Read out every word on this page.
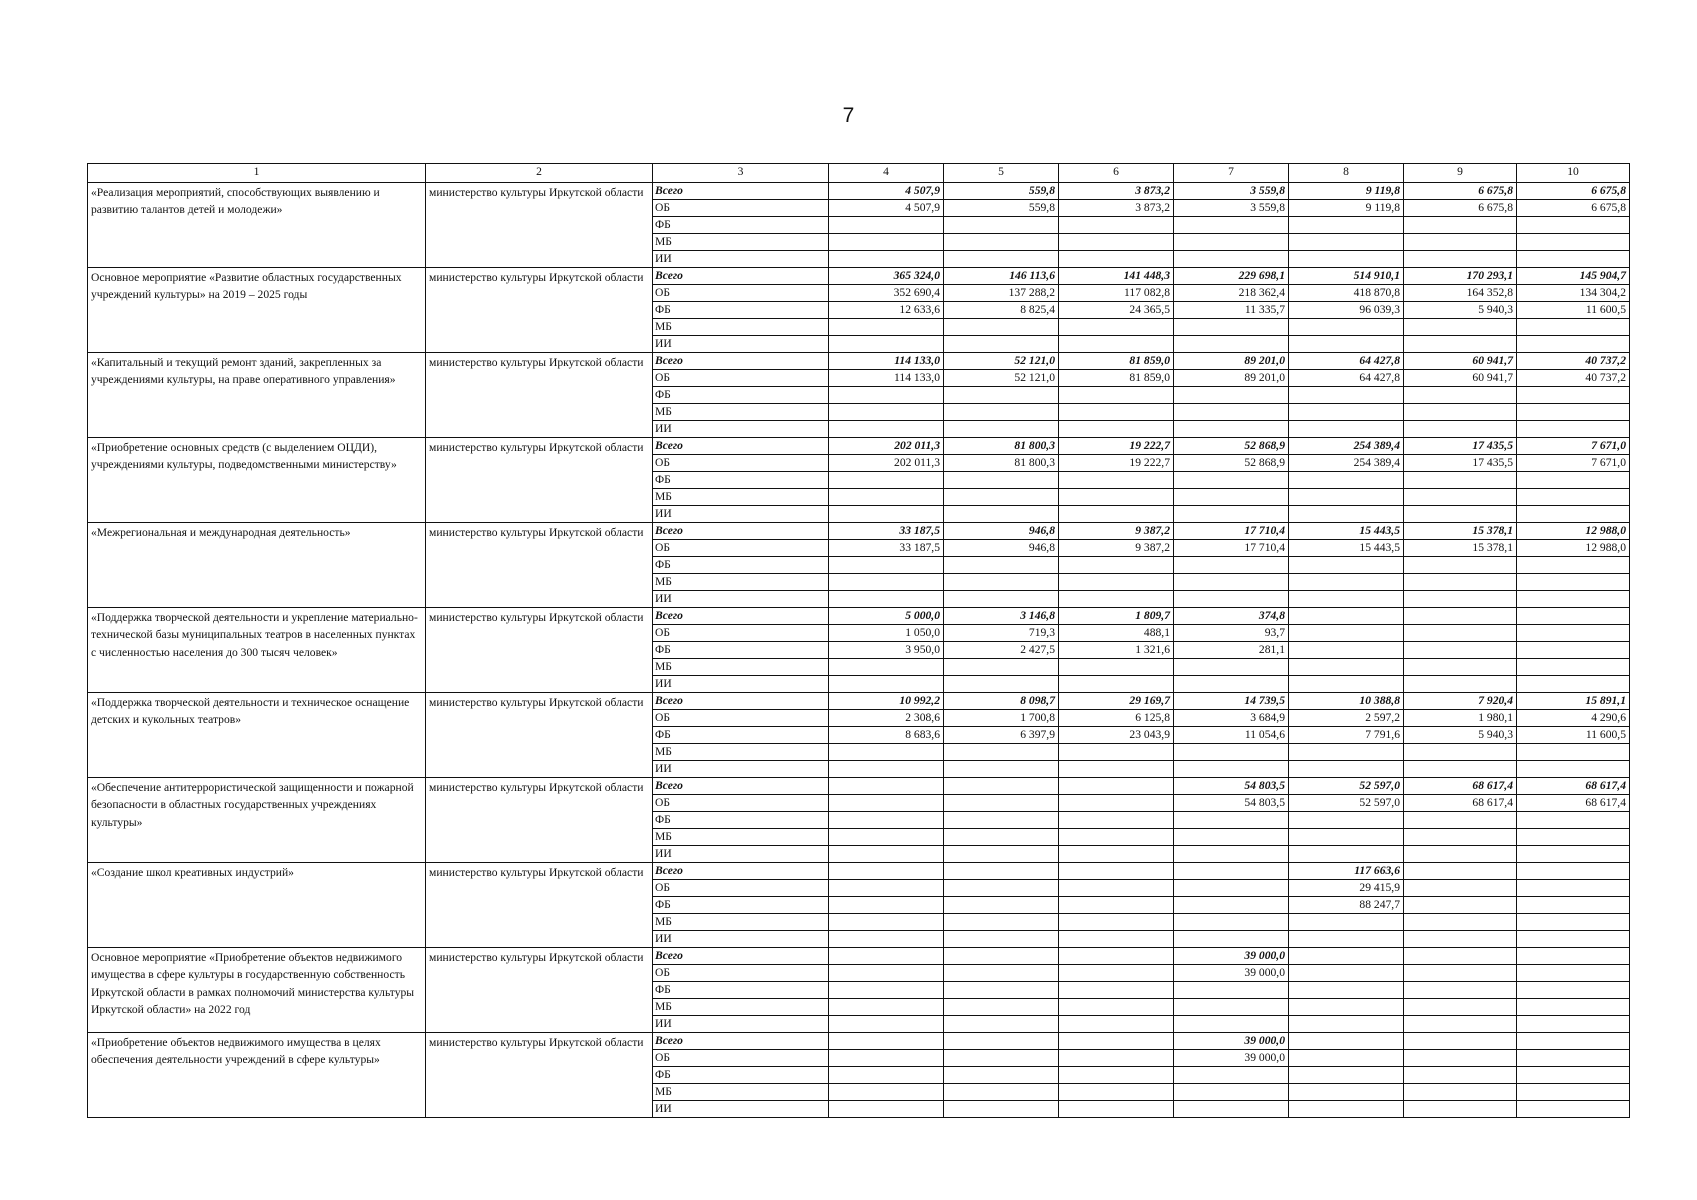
7
1	2	3	4	5	6	7	8	9	10
«Реализация мероприятий, способствующих выявлению и развитию талантов детей и молодежи»	министерство культуры Иркутской области	Всего	4 507,9	559,8	3 873,2	3 559,8	9 119,8	6 675,8	6 675,8
		ОБ	4 507,9	559,8	3 873,2	3 559,8	9 119,8	6 675,8	6 675,8
		ФБ							
		МБ							
		ИИ							
Основное мероприятие «Развитие областных государственных учреждений культуры» на 2019 – 2025 годы	министерство культуры Иркутской области	Всего	365 324,0	146 113,6	141 448,3	229 698,1	514 910,1	170 293,1	145 904,7
		ОБ	352 690,4	137 288,2	117 082,8	218 362,4	418 870,8	164 352,8	134 304,2
		ФБ	12 633,6	8 825,4	24 365,5	11 335,7	96 039,3	5 940,3	11 600,5
		МБ							
		ИИ							
«Капитальный и текущий ремонт зданий, закрепленных за учреждениями культуры, на праве оперативного управления»	министерство культуры Иркутской области	Всего	114 133,0	52 121,0	81 859,0	89 201,0	64 427,8	60 941,7	40 737,2
		ОБ	114 133,0	52 121,0	81 859,0	89 201,0	64 427,8	60 941,7	40 737,2
		ФБ							
		МБ							
		ИИ							
«Приобретение основных средств (с выделением ОЦДИ), учреждениями культуры, подведомственными министерству»	министерство культуры Иркутской области	Всего	202 011,3	81 800,3	19 222,7	52 868,9	254 389,4	17 435,5	7 671,0
		ОБ	202 011,3	81 800,3	19 222,7	52 868,9	254 389,4	17 435,5	7 671,0
		ФБ							
		МБ							
		ИИ							
«Межрегиональная и международная деятельность»	министерство культуры Иркутской области	Всего	33 187,5	946,8	9 387,2	17 710,4	15 443,5	15 378,1	12 988,0
		ОБ	33 187,5	946,8	9 387,2	17 710,4	15 443,5	15 378,1	12 988,0
		ФБ							
		МБ							
		ИИ							
«Поддержка творческой деятельности и укрепление материально-технической базы муниципальных театров в населенных пунктах с численностью населения до 300 тысяч человек»	министерство культуры Иркутской области	Всего	5 000,0	3 146,8	1 809,7	374,8			
		ОБ	1 050,0	719,3	488,1	93,7			
		ФБ	3 950,0	2 427,5	1 321,6	281,1			
		МБ							
		ИИ							
«Поддержка творческой деятельности и техническое оснащение детских и кукольных театров»	министерство культуры Иркутской области	Всего	10 992,2	8 098,7	29 169,7	14 739,5	10 388,8	7 920,4	15 891,1
		ОБ	2 308,6	1 700,8	6 125,8	3 684,9	2 597,2	1 980,1	4 290,6
		ФБ	8 683,6	6 397,9	23 043,9	11 054,6	7 791,6	5 940,3	11 600,5
		МБ							
		ИИ							
«Обеспечение антитеррористической защищенности и пожарной безопасности в областных государственных учреждениях культуры»	министерство культуры Иркутской области	Всего				54 803,5	52 597,0	68 617,4	68 617,4
		ОБ				54 803,5	52 597,0	68 617,4	68 617,4
		ФБ							
		МБ							
		ИИ							
«Создание школ креативных индустрий»	министерство культуры Иркутской области	Всего					117 663,6		
		ОБ					29 415,9		
		ФБ					88 247,7		
		МБ							
		ИИ							
Основное мероприятие «Приобретение объектов недвижимого имущества в сфере культуры в государственную собственность Иркутской области в рамках полномочий министерства культуры Иркутской области» на 2022 год	министерство культуры Иркутской области	Всего				39 000,0			
		ОБ				39 000,0			
		ФБ							
		МБ							
		ИИ							
«Приобретение объектов недвижимого имущества в целях обеспечения деятельности учреждений в сфере культуры»	министерство культуры Иркутской области	Всего				39 000,0			
		ОБ				39 000,0			
		ФБ							
		МБ							
		ИИ							
